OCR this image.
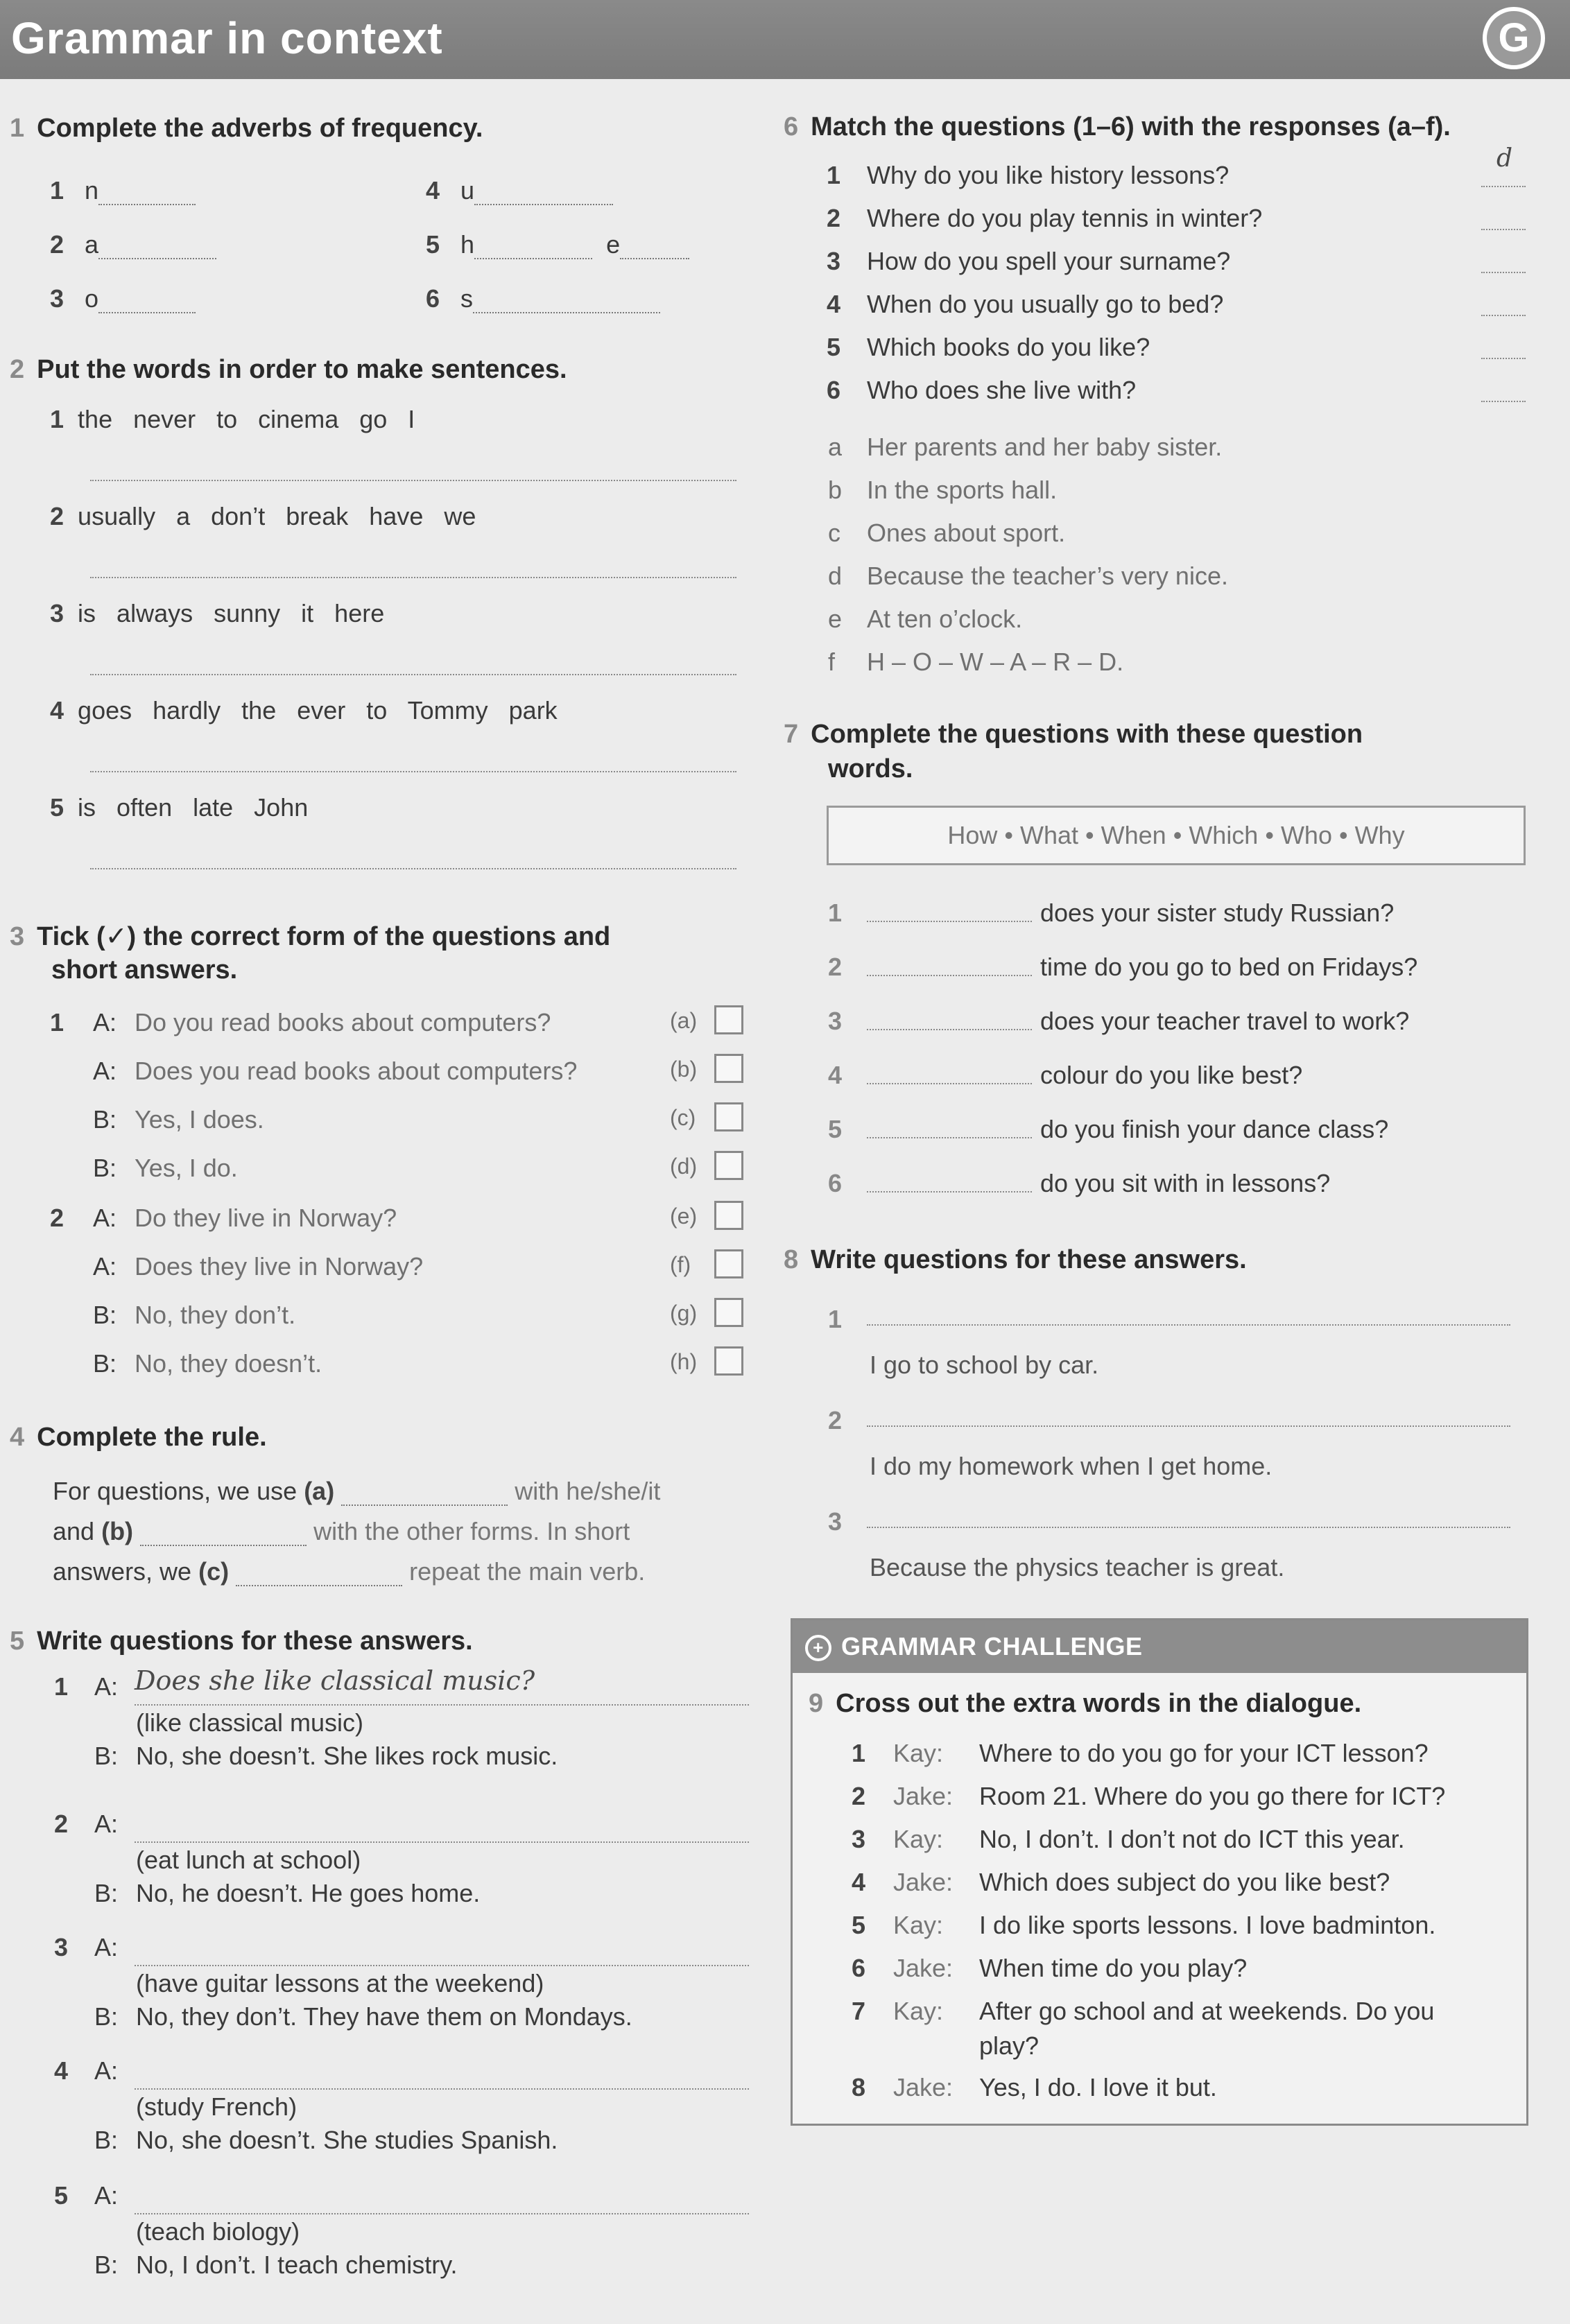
Grammar in context	G
1 Complete the adverbs of frequency.
1 n
2 a
3 o
4 u
5 h	e
6 s
2 Put the words in order to make sentences.
1 the   never   to   cinema   go   I
2 usually   a   don’t   break   have   we
3 is   always   sunny   it   here
4 goes   hardly   the   ever   to   Tommy   park
5 is   often   late   John
3 Tick (✓) the correct form of the questions and
short answers.
1
2
A: Do you read books about computers?	(a)
A: Does you read books about computers?	(b)
B: Yes, I does.	(c)
B: Yes, I do.	(d)
A: Do they live in Norway?	(e)
A: Does they live in Norway?	(f)
B: No, they don’t.	(g)
B: No, they doesn’t.	(h)
4 Complete the rule.
For questions, we use (a)	with he/she/it
and (b)	with the other forms. In short
answers, we (c)	repeat the main verb.
5 Write questions for these answers.
1 A: Does she like classical music?
(like classical music)
B: No, she doesn’t. She likes rock music.
2 A:
(eat lunch at school)
B: No, he doesn’t. He goes home.
3 A:
(have guitar lessons at the weekend)
B: No, they don’t. They have them on Mondays.
4 A:
(study French)
B: No, she doesn’t. She studies Spanish.
5 A:
(teach biology)
B: No, I don’t. I teach chemistry.
6 Match the questions (1–6) with the responses (a–f).
1 Why do you like history lessons?
d
2 Where do you play tennis in winter?
3 How do you spell your surname?
4 When do you usually go to bed?
5 Which books do you like?
6 Who does she live with?
a Her parents and her baby sister.
b In the sports hall.
c Ones about sport.
d Because the teacher’s very nice.
e At ten o’clock.
f H – O – W – A – R – D.
7 Complete the questions with these question
words.
How • What • When • Which • Who • Why
1	does your sister study Russian?
2	time do you go to bed on Fridays?
3	does your teacher travel to work?
4	colour do you like best?
5	do you finish your dance class?
6	do you sit with in lessons?
8 Write questions for these answers.
1
I go to school by car.
2
I do my homework when I get home.
3
Because the physics teacher is great.
+ GRAMMAR CHALLENGE
9 Cross out the extra words in the dialogue.
1 Kay: Where to do you go for your ICT lesson?
2 Jake: Room 21. Where do you go there for ICT?
3 Kay: No, I don’t. I don’t not do ICT this year.
4 Jake: Which does subject do you like best?
5 Kay: I do like sports lessons. I love badminton.
6 Jake: When time do you play?
7 Kay: After go school and at weekends. Do you
play?
8 Jake: Yes, I do. I love it but.
